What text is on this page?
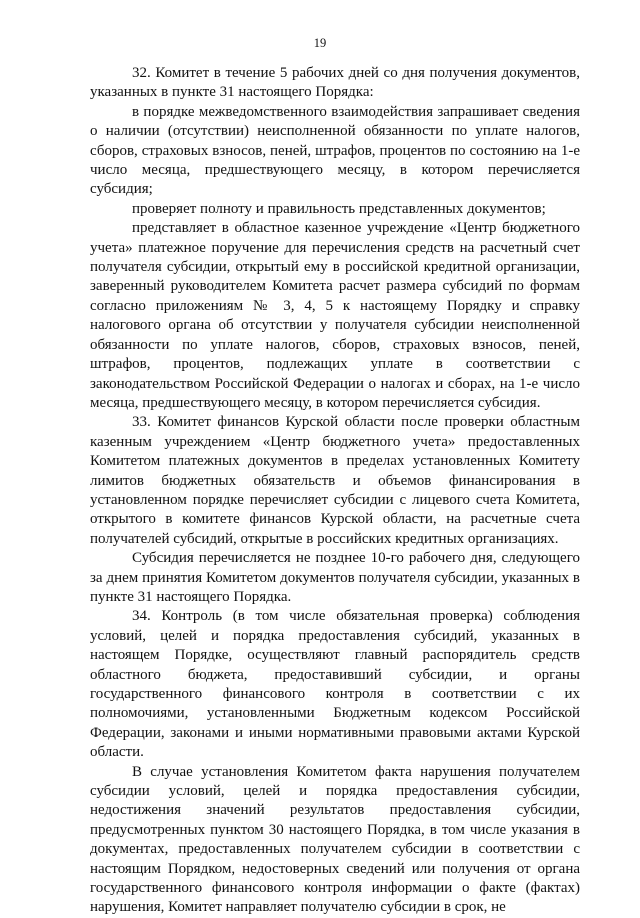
19

32. Комитет в течение 5 рабочих дней со дня получения документов, указанных в пункте 31 настоящего Порядка:

в порядке межведомственного взаимодействия запрашивает сведения о наличии (отсутствии) неисполненной обязанности по уплате налогов, сборов, страховых взносов, пеней, штрафов, процентов по состоянию на 1-е число месяца, предшествующего месяцу, в котором перечисляется субсидия;

проверяет полноту и правильность представленных документов;

представляет в областное казенное учреждение «Центр бюджетного учета» платежное поручение для перечисления средств на расчетный счет получателя субсидии, открытый ему в российской кредитной организации, заверенный руководителем Комитета расчет размера субсидий по формам согласно приложениям № 3, 4, 5 к настоящему Порядку и справку налогового органа об отсутствии у получателя субсидии неисполненной обязанности по уплате налогов, сборов, страховых взносов, пеней, штрафов, процентов, подлежащих уплате в соответствии с законодательством Российской Федерации о налогах и сборах, на 1-е число месяца, предшествующего месяцу, в котором перечисляется субсидия.

33. Комитет финансов Курской области после проверки областным казенным учреждением «Центр бюджетного учета» предоставленных Комитетом платежных документов в пределах установленных Комитету лимитов бюджетных обязательств и объемов финансирования в установленном порядке перечисляет субсидии с лицевого счета Комитета, открытого в комитете финансов Курской области, на расчетные счета получателей субсидий, открытые в российских кредитных организациях.

Субсидия перечисляется не позднее 10-го рабочего дня, следующего за днем принятия Комитетом документов получателя субсидии, указанных в пункте 31 настоящего Порядка.

34. Контроль (в том числе обязательная проверка) соблюдения условий, целей и порядка предоставления субсидий, указанных в настоящем Порядке, осуществляют главный распорядитель средств областного бюджета, предоставивший субсидии, и органы государственного финансового контроля в соответствии с их полномочиями, установленными Бюджетным кодексом Российской Федерации, законами и иными нормативными правовыми актами Курской области.

В случае установления Комитетом факта нарушения получателем субсидии условий, целей и порядка предоставления субсидии, недостижения значений результатов предоставления субсидии, предусмотренных пунктом 30 настоящего Порядка, в том числе указания в документах, предоставленных получателем субсидии в соответствии с настоящим Порядком, недостоверных сведений или получения от органа государственного финансового контроля информации о факте (фактах) нарушения, Комитет направляет получателю субсидии в срок, не
